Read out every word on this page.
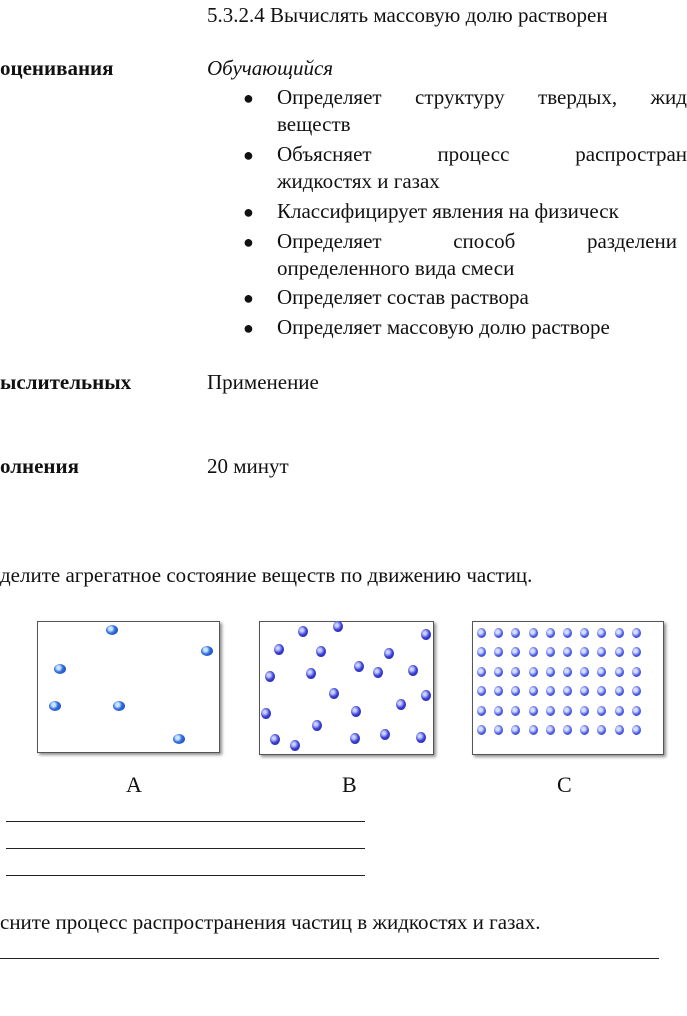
5.3.2.4 Вычислять массовую долю растворен
оценивания	Обучающийся
● Определяет структуру твердых, жид
веществ
● Объясняет	процесс	распростран
жидкостях и газах
● Классифицирует явления на физическ
● Определяет	способ	разделени
определенного вида смеси
● Определяет состав раствора
● Определяет массовую долю растворе
ыслительных	Применение
олнения	20 минут
делите агрегатное состояние веществ по движению частиц.
A	B	C
сните процесс распространения частиц в жидкостях и газах.
